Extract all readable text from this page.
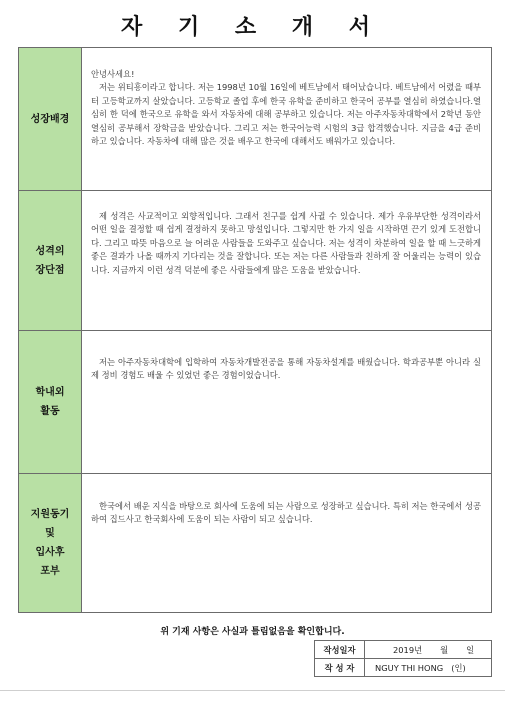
자 기 소 개 서
성장배경	안녕사세요!

저는 위티흥이라고 합니다. 저는 1998년 10월 16일에 베트남에서 태어났습니다. 베트남에서 어렸을 때부터 고등학교까지 살았습니다. 고등학교 졸업 후에 한국 유학을 준비하고 한국어 공부를 열심히 하였습니다.열심히 한 덕에 한국으로 유학을 와서 자동차에 대해 공부하고 있습니다. 저는 아주자동차대학에서 2학년 동안 열심히 공부해서 장학금을 받았습니다. 그리고 저는 한국어능력 시험의 3급 합격했습니다. 지금을 4급 준비하고 있습니다. 자동차에 대해 많은 것을 배우고 한국에 대해서도 배워가고 있습니다.

성격의
장단점	제 성격은 사교적이고 외향적입니다. 그래서 친구를 쉽게 사귈 수 있습니다. 제가 우유부단한 성격이라서 어떤 일을 결정할 때 쉽게 결정하지 못하고 망설입니다. 그렇지만 한 가지 일을 시작하면 끈기 있게 도전합니다. 그리고 따뜻 마음으로 늘 어려운 사람들을 도와주고 싶습니다. 저는 성격이 차분하여 일을 할 때 느긋하게 좋은 결과가 나올 때까지 기다리는 것을 잘합니다. 또는 저는 다른 사람들과 친하게 잘 어울리는 능력이 있습니다. 지금까지 이런 성격 덕분에 좋은 사람들에게 많은 도움을 받았습니다.

학내외
활동	저는 아주자동차대학에 입학하여 자동차개발전공을 통해 자동차설계를 배웠습니다. 학과공부뿐 아니라 실제 정비 경험도 배울 수 있었던 좋은 경험이었습니다.

지원동기
및
입사후
포부	한국에서 배운 지식을 바탕으로 회사에 도움에 되는 사람으로 성장하고 싶습니다. 특히 저는 한국에서 성공하여 집드사고 한국회사에 도움이 되는 사람이 되고 싶습니다.

위 기재 사항은 사실과 틀림없음을 확인합니다.
작성일자	2019년 월 일
작 성 자	NGUY THI HONG (인)
